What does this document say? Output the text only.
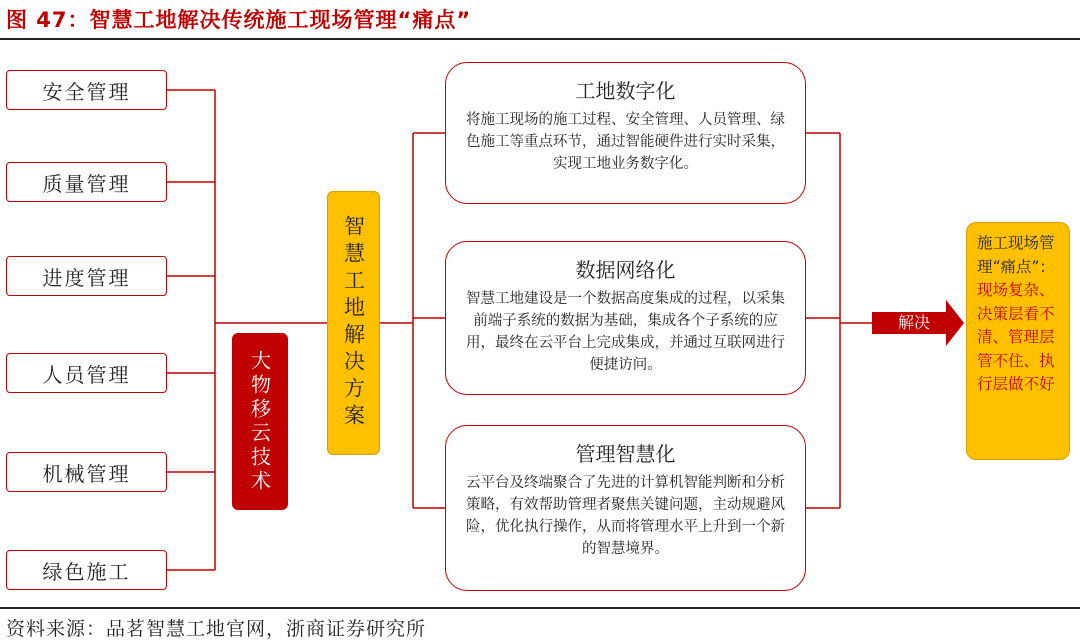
图 47：智慧工地解决传统施工现场管理“痛点”
安全管理
质量管理
进度管理
人员管理
机械管理
绿色施工
大物移云技术	智慧工地解决方案
工地数字化
将施工现场的施工过程、安全管理、人员管理、绿色施工等重点环节，通过智能硬件进行实时采集，实现工地业务数字化。
数据网络化
智慧工地建设是一个数据高度集成的过程，以采集前端子系统的数据为基础，集成各个子系统的应用，最终在云平台上完成集成，并通过互联网进行便捷访问。
管理智慧化
云平台及终端聚合了先进的计算机智能判断和分析策略，有效帮助管理者聚焦关键问题，主动规避风险，优化执行操作，从而将管理水平上升到一个新的智慧境界。
解决
施工现场管理“痛点”：现场复杂、决策层看不清、管理层管不住、执行层做不好
资料来源：品茗智慧工地官网，浙商证券研究所
